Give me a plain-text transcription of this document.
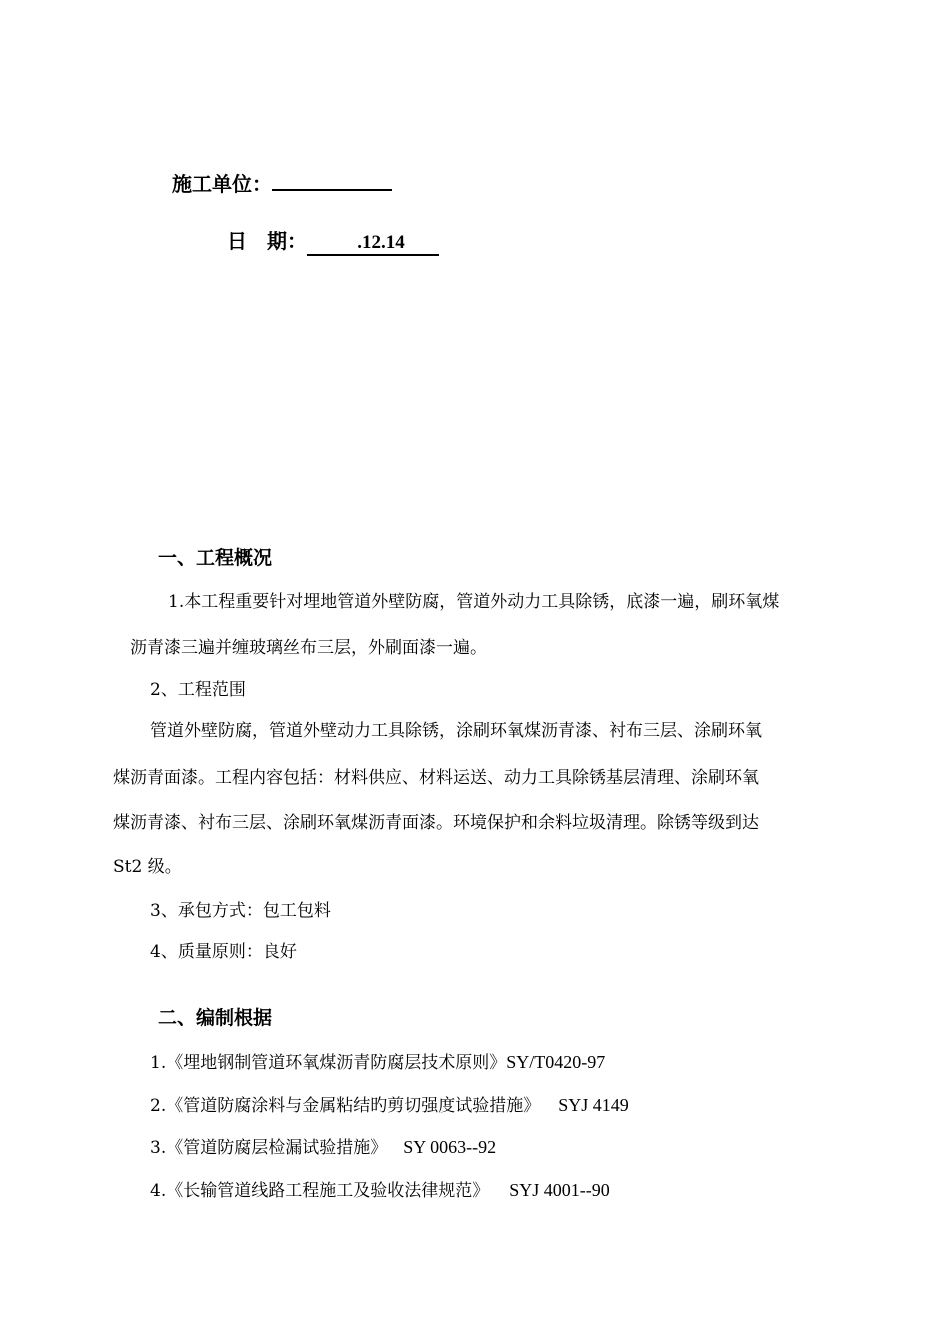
施工单位：
日　期：	.12.14
一、工程概况
1.本工程重要针对埋地管道外壁防腐，管道外动力工具除锈，底漆一遍，刷环氧煤
沥青漆三遍并缠玻璃丝布三层，外刷面漆一遍。
2、工程范围
管道外壁防腐，管道外壁动力工具除锈，涂刷环氧煤沥青漆、衬布三层、涂刷环氧
煤沥青面漆。工程内容包括：材料供应、材料运送、动力工具除锈基层清理、涂刷环氧
煤沥青漆、衬布三层、涂刷环氧煤沥青面漆。环境保护和余料垃圾清理。除锈等级到达
St2 级。
3、承包方式：包工包料
4、质量原则：良好
二、编制根据
1.《埋地钢制管道环氧煤沥青防腐层技术原则》SY/T0420-97
2.《管道防腐涂料与金属粘结旳剪切强度试验措施》 SYJ 4149
3.《管道防腐层检漏试验措施》 SY 0063--92
4.《长输管道线路工程施工及验收法律规范》 SYJ 4001--90
